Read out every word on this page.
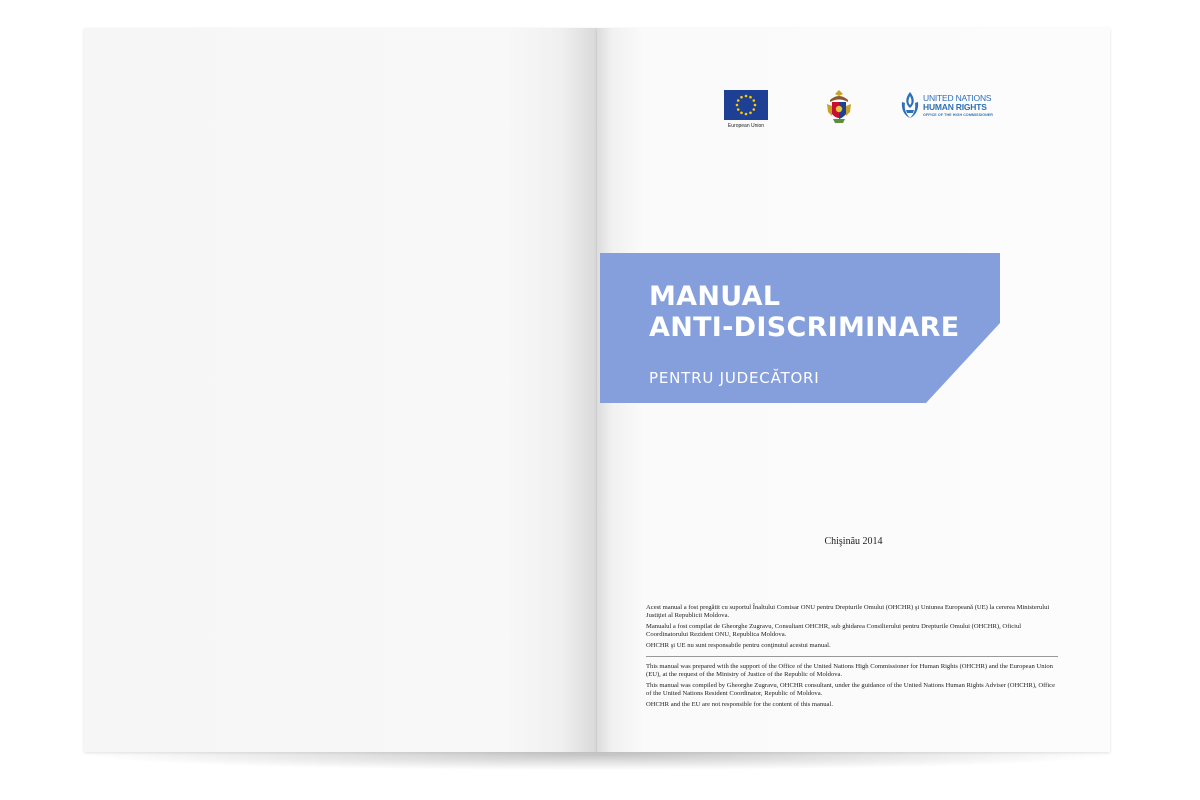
European Union
UNITED NATIONS
HUMAN RIGHTS
OFFICE OF THE HIGH COMMISSIONER
MANUAL
ANTI-DISCRIMINARE
PENTRU JUDECĂTORI
Chişinău 2014

Acest manual a fost pregătit cu suportul Înaltului Comisar ONU pentru Drepturile Omului (OHCHR) şi Uniunea Europeană (UE) la cererea Ministerului Justiţiei al Republicii Moldova.

Manualul a fost compilat de Gheorghe Zugravu, Consultant OHCHR, sub ghidarea Consilierului pentru Drepturile Omului (OHCHR), Oficiul Coordinatorului Rezident ONU, Republica Moldova.

OHCHR şi UE nu sunt responsabile pentru conţinutul acestui manual.

This manual was prepared with the support of the Office of the United Nations High Commissioner for Human Rights (OHCHR) and the European Union (EU), at the request of the Ministry of Justice of the Republic of Moldova.

This manual was compiled by Gheorghe Zugravu, OHCHR consultant, under the guidance of the United Nations Human Rights Adviser (OHCHR), Office of the United Nations Resident Coordinator, Republic of Moldova.

OHCHR and the EU are not responsible for the content of this manual.
